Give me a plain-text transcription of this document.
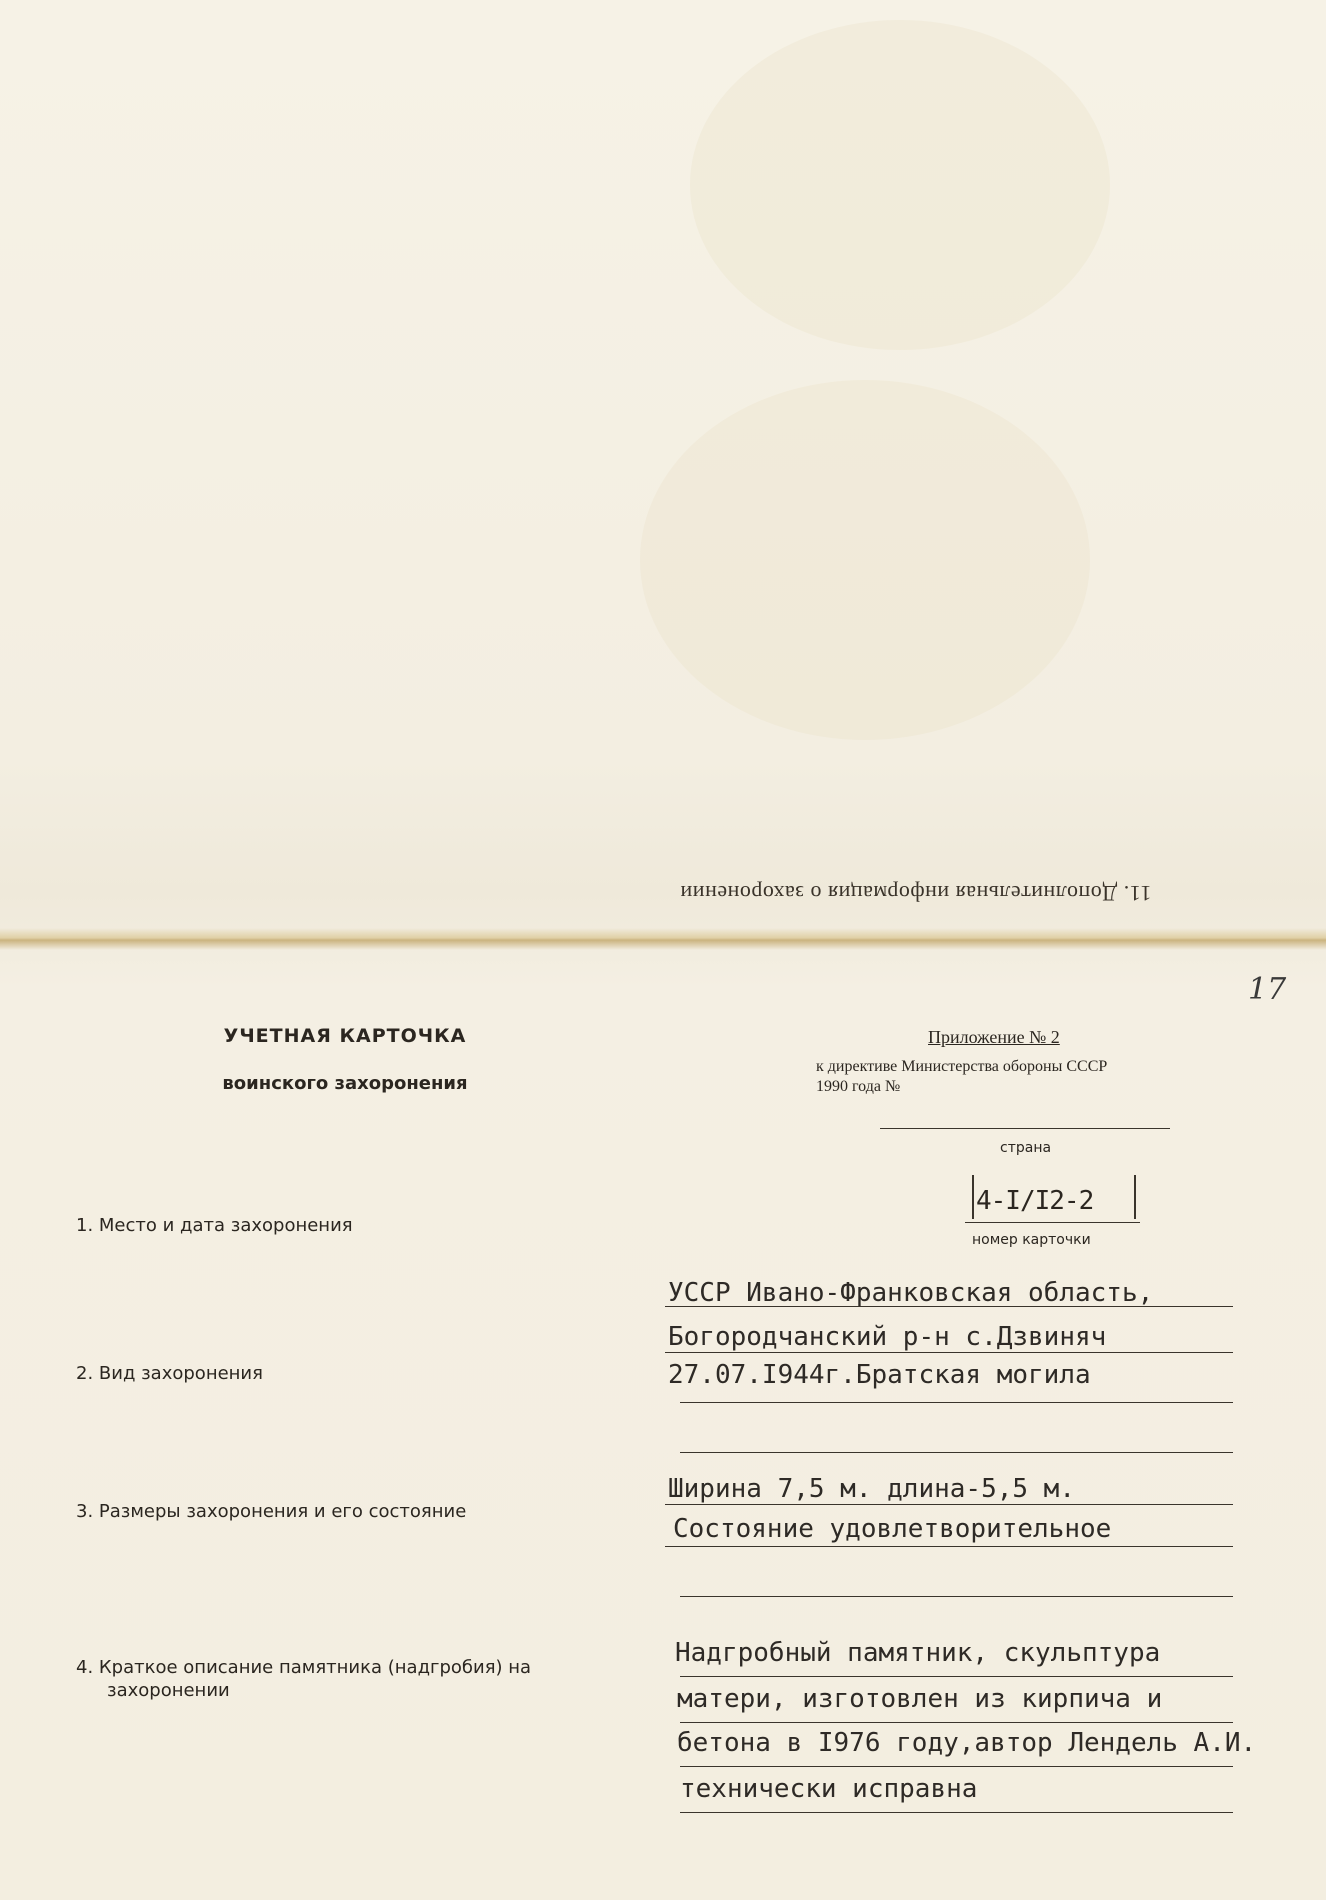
11. Дополнительная информация о захоронении
17
УЧЕТНАЯ КАРТОЧКА
воинского захоронения
Приложение № 2
к директиве Министерства обороны СССР
1990 года №
страна
4-I/I2-2
номер карточки
1. Место и дата захоронения
УССР Ивано-Франковская область,
Богородчанский р-н с.Дзвиняч
2. Вид захоронения	27.07.I944г.Братская могила
3. Размеры захоронения и его состояние
Ширина 7,5 м. длина-5,5 м.
Состояние удовлетворительное
4. Краткое описание памятника (надгробия) на
захоронении
Надгробный памятник, скульптура
матери, изготовлен из кирпича и
бетона в I976 году,автор Лендель А.И.
технически исправна
